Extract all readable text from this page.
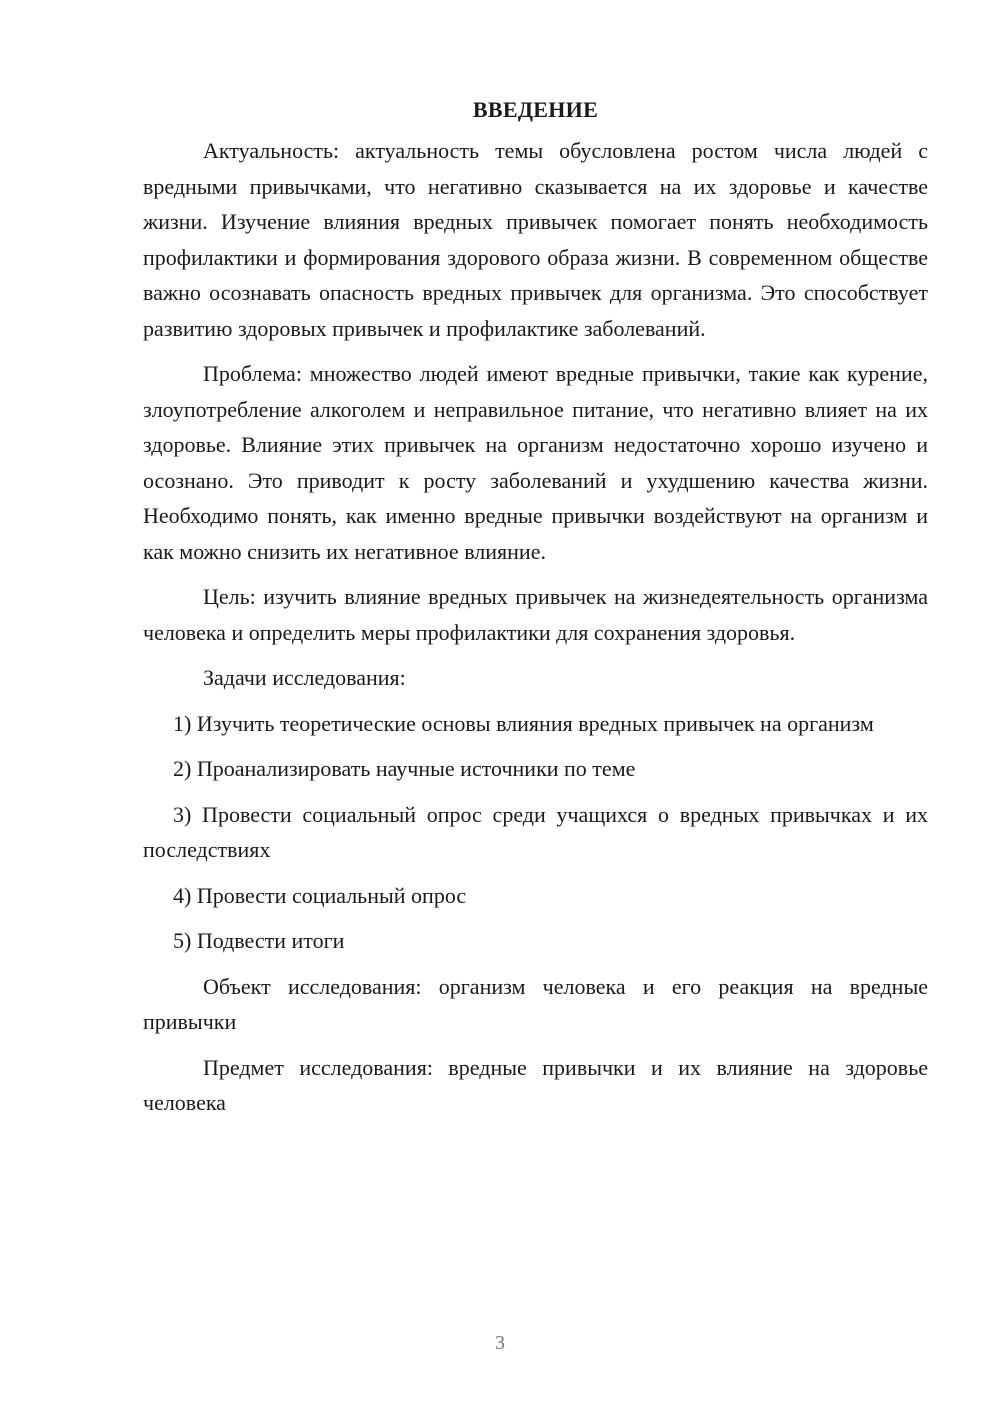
ВВЕДЕНИЕ

Актуальность: актуальность темы обусловлена ростом числа людей с вредными привычками, что негативно сказывается на их здоровье и качестве жизни. Изучение влияния вредных привычек помогает понять необходимость профилактики и формирования здорового образа жизни. В современном обществе важно осознавать опасность вредных привычек для организма. Это способствует развитию здоровых привычек и профилактике заболеваний.

Проблема: множество людей имеют вредные привычки, такие как курение, злоупотребление алкоголем и неправильное питание, что негативно влияет на их здоровье. Влияние этих привычек на организм недостаточно хорошо изучено и осознано. Это приводит к росту заболеваний и ухудшению качества жизни. Необходимо понять, как именно вредные привычки воздействуют на организм и как можно снизить их негативное влияние.

Цель: изучить влияние вредных привычек на жизнедеятельность организма человека и определить меры профилактики для сохранения здоровья.

Задачи исследования:

1) Изучить теоретические основы влияния вредных привычек на организм

2) Проанализировать научные источники по теме

3) Провести социальный опрос среди учащихся о вредных привычках и их последствиях

4) Провести социальный опрос

5) Подвести итоги

Объект исследования: организм человека и его реакция на вредные привычки

Предмет исследования: вредные привычки и их влияние на здоровье человека

3
